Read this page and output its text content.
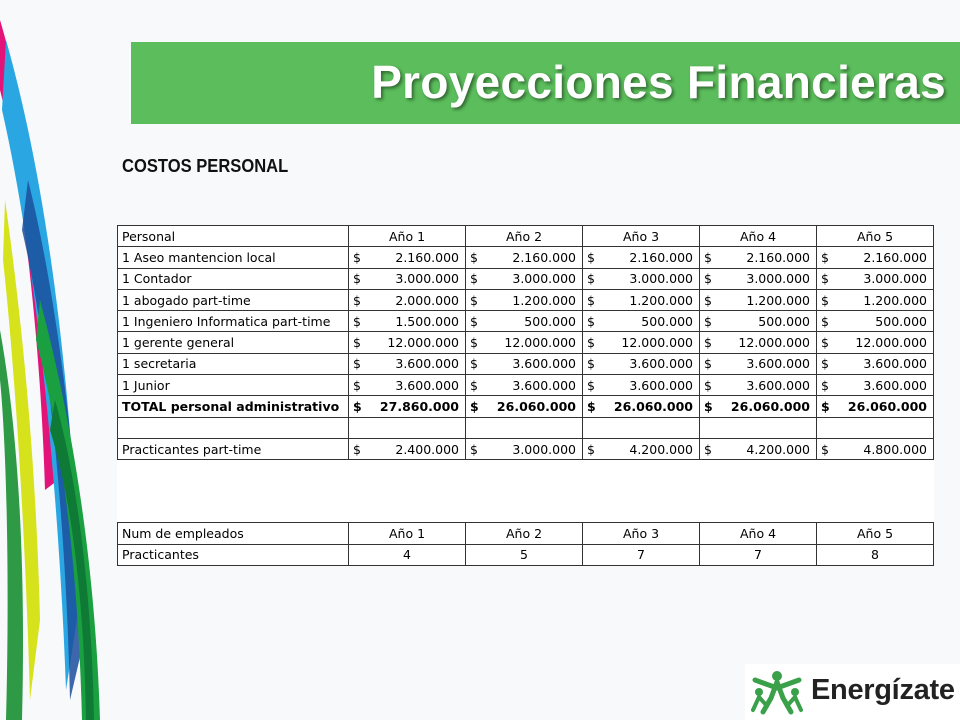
Proyecciones Financieras
COSTOS PERSONAL
Personal	Año 1		Año 2		Año 3		Año 4		Año 5	
1 Aseo mantencion local	$	2.160.000	$	2.160.000	$	2.160.000	$	2.160.000	$	2.160.000
1 Contador	$	3.000.000	$	3.000.000	$	3.000.000	$	3.000.000	$	3.000.000
1 abogado part-time	$	2.000.000	$	1.200.000	$	1.200.000	$	1.200.000	$	1.200.000
1 Ingeniero Informatica part-time	$	1.500.000	$	500.000	$	500.000	$	500.000	$	500.000
1 gerente general	$	12.000.000	$	12.000.000	$	12.000.000	$	12.000.000	$	12.000.000
1 secretaria	$	3.600.000	$	3.600.000	$	3.600.000	$	3.600.000	$	3.600.000
1 Junior	$	3.600.000	$	3.600.000	$	3.600.000	$	3.600.000	$	3.600.000
TOTAL personal administrativo	$	27.860.000	$	26.060.000	$	26.060.000	$	26.060.000	$	26.060.000

Practicantes part-time	$	2.400.000	$	3.000.000	$	4.200.000	$	4.200.000	$	4.800.000

Num de empleados	Año 1		Año 2		Año 3		Año 4		Año 5	
Practicantes	4		5		7		7		8	
Energízate
